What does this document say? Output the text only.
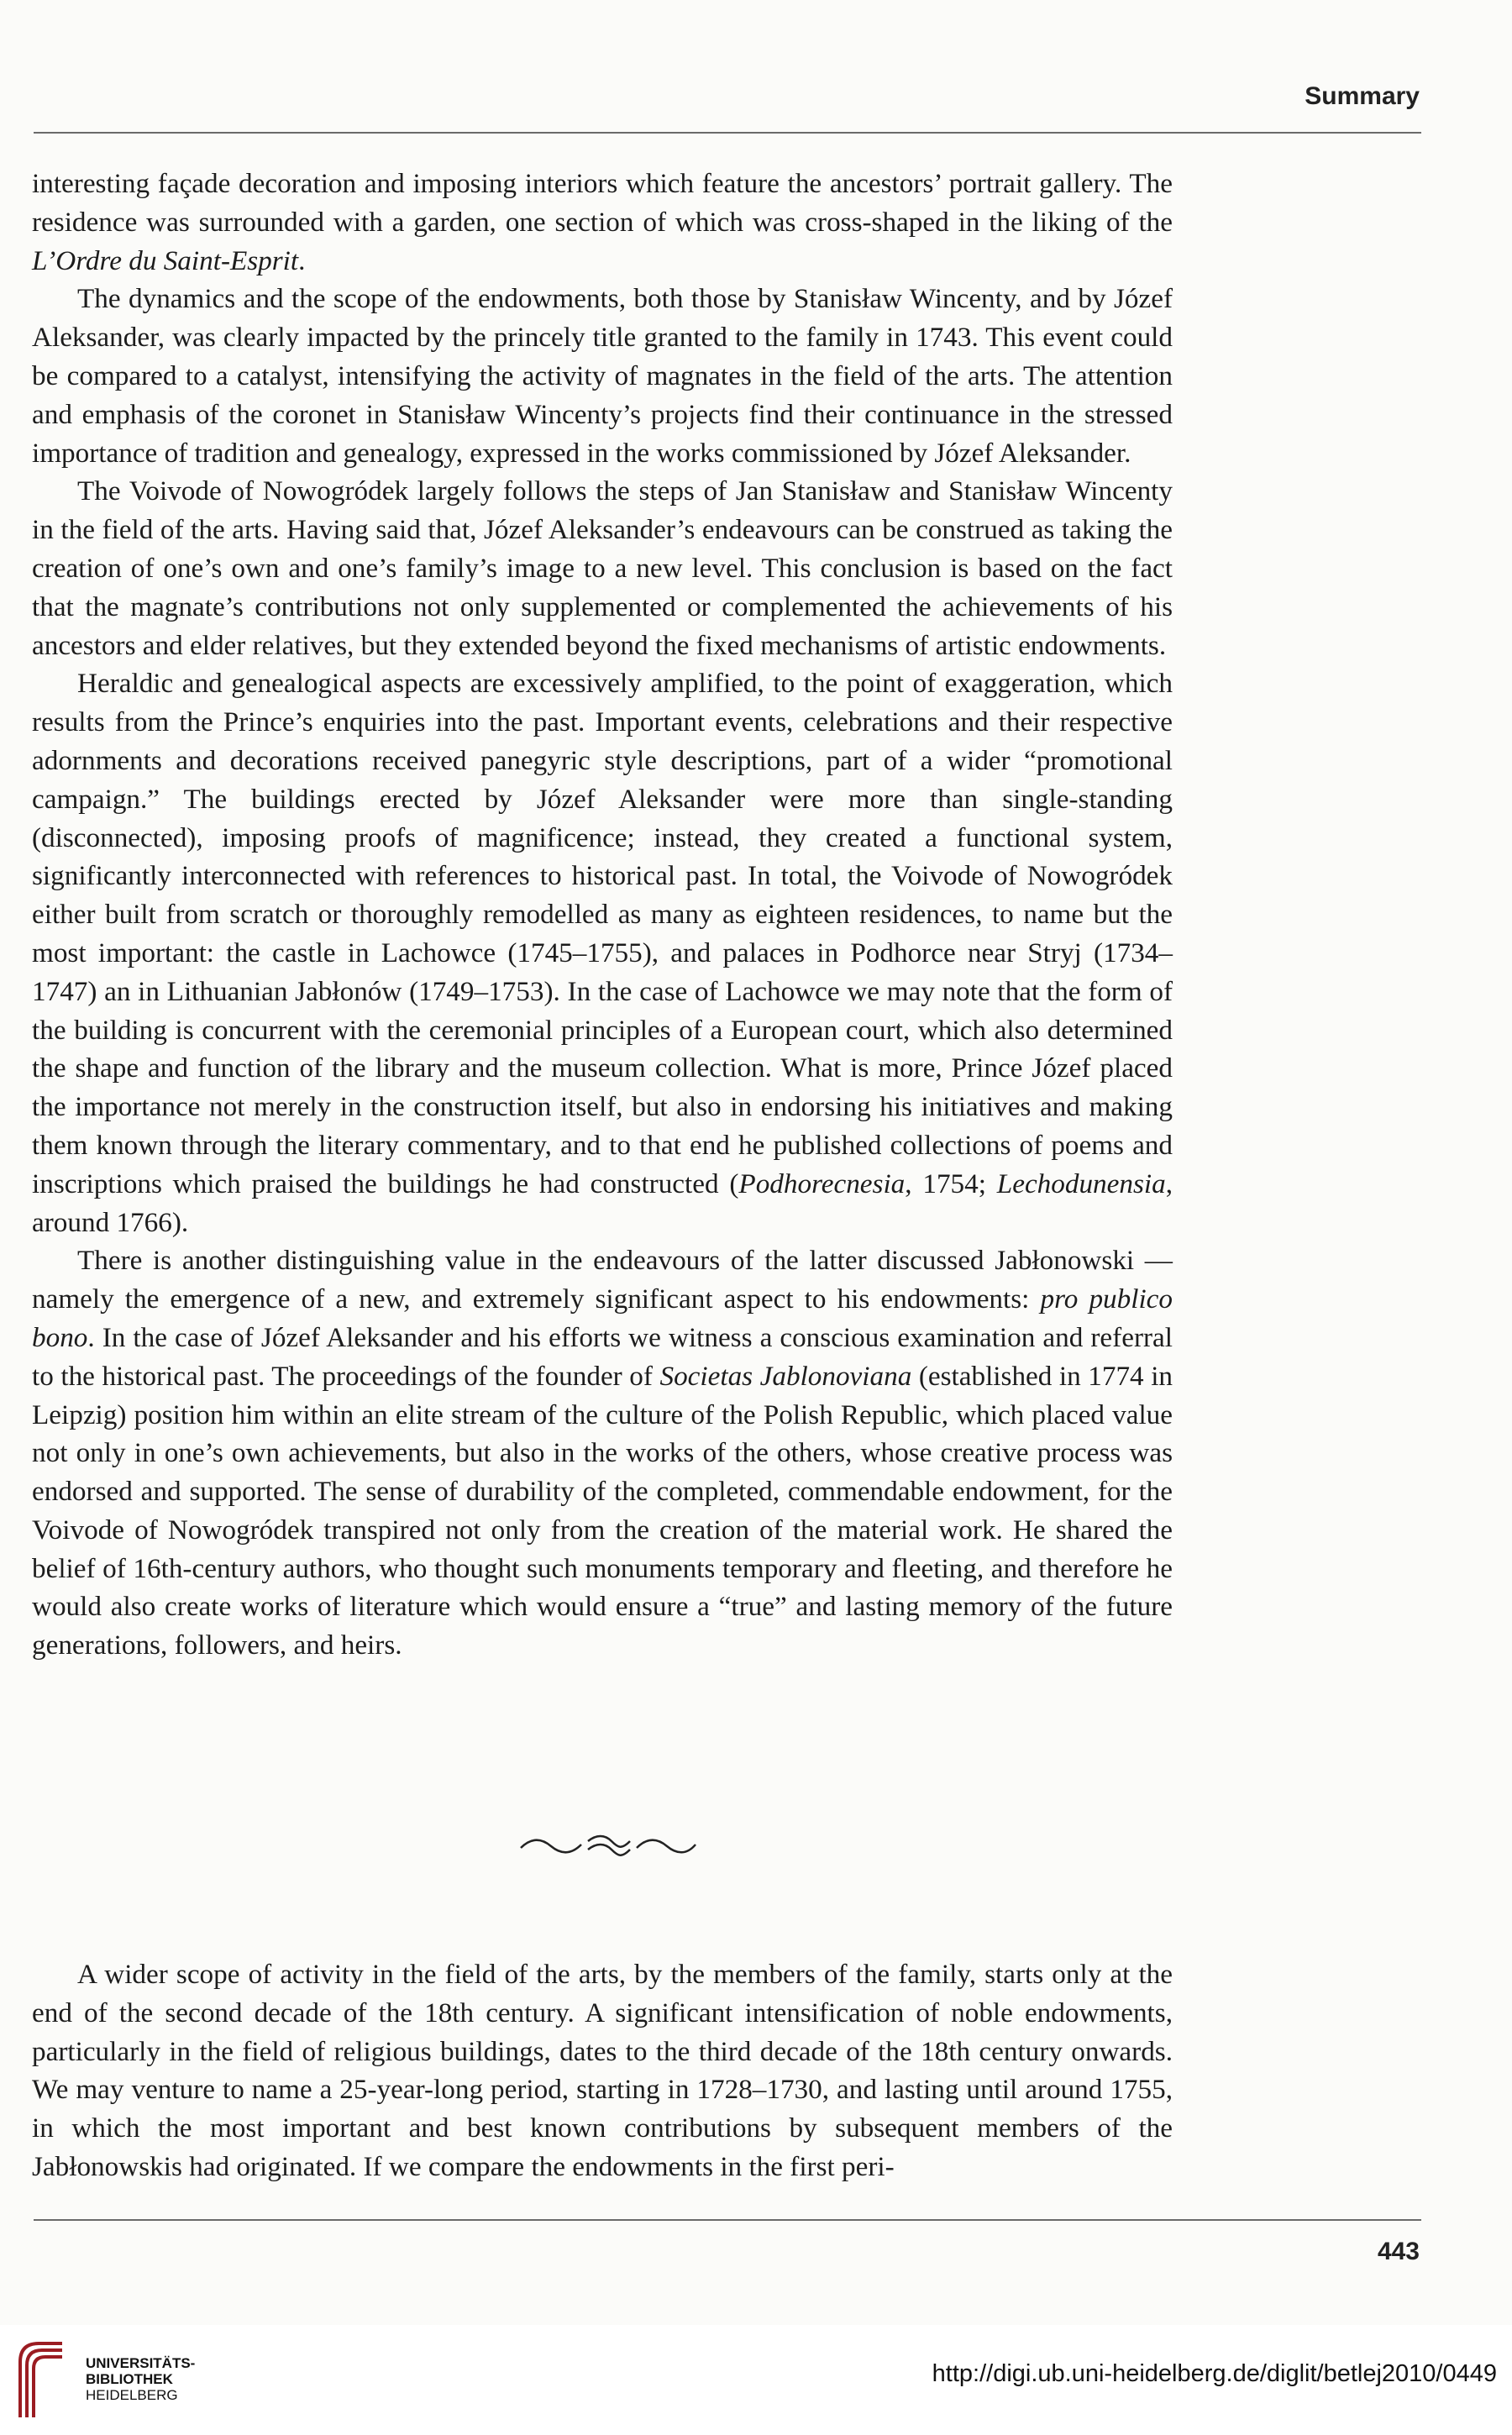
Summary

interesting façade decoration and imposing interiors which feature the ancestors’ portrait gallery. The residence was surrounded with a garden, one section of which was cross-shaped in the liking of the L’Ordre du Saint-Esprit.

The dynamics and the scope of the endowments, both those by Stanisław Wincenty, and by Józef Aleksander, was clearly impacted by the princely title granted to the family in 1743. This event could be compared to a catalyst, intensifying the activity of magnates in the field of the arts. The attention and emphasis of the coronet in Stanisław Wincenty’s projects find their continuance in the stressed importance of tradition and genealogy, expressed in the works commissioned by Józef Aleksander.

The Voivode of Nowogródek largely follows the steps of Jan Stanisław and Stanisław Wincenty in the field of the arts. Having said that, Józef Aleksander’s endeavours can be construed as taking the creation of one’s own and one’s family’s image to a new level. This conclusion is based on the fact that the magnate’s contributions not only supplemented or complemented the achievements of his ancestors and elder relatives, but they extended beyond the fixed mechanisms of artistic endowments.

Heraldic and genealogical aspects are excessively amplified, to the point of exaggeration, which results from the Prince’s enquiries into the past. Important events, celebrations and their respective adornments and decorations received panegyric style descriptions, part of a wider “promotional campaign.” The buildings erected by Józef Aleksander were more than single-standing (disconnected), imposing proofs of magnificence; instead, they created a functional system, significantly interconnected with references to historical past. In total, the Voivode of Nowogródek either built from scratch or thoroughly remodelled as many as eighteen residences, to name but the most important: the castle in Lachowce (1745–1755), and palaces in Podhorce near Stryj (1734–1747) an in Lithuanian Jabłonów (1749–1753). In the case of Lachowce we may note that the form of the building is concurrent with the ceremonial principles of a European court, which also determined the shape and function of the library and the museum collection. What is more, Prince Józef placed the importance not merely in the construction itself, but also in endorsing his initiatives and making them known through the literary commentary, and to that end he published collections of poems and inscriptions which praised the buildings he had constructed (Podhorecnesia, 1754; Lechodunensia, around 1766).

There is another distinguishing value in the endeavours of the latter discussed Jabłonowski — namely the emergence of a new, and extremely significant aspect to his endowments: pro publico bono. In the case of Józef Aleksander and his efforts we witness a conscious examination and referral to the historical past. The proceedings of the founder of Societas Jablonoviana (established in 1774 in Leipzig) position him within an elite stream of the culture of the Polish Republic, which placed value not only in one’s own achievements, but also in the works of the others, whose creative process was endorsed and supported. The sense of durability of the completed, commendable endowment, for the Voivode of Nowogródek transpired not only from the creation of the material work. He shared the belief of 16th-century authors, who thought such monuments temporary and fleeting, and therefore he would also create works of literature which would ensure a “true” and lasting memory of the future generations, followers, and heirs.

A wider scope of activity in the field of the arts, by the members of the family, starts only at the end of the second decade of the 18th century. A significant intensification of noble endowments, particularly in the field of religious buildings, dates to the third decade of the 18th century onwards. We may venture to name a 25-year-long period, starting in 1728–1730, and lasting until around 1755, in which the most important and best known contributions by subsequent members of the Jabłonowskis had originated. If we compare the endowments in the first peri-

443
UNIVERSITÄTS-
BIBLIOTHEK
HEIDELBERG
http://digi.ub.uni-heidelberg.de/diglit/betlej2010/0449
